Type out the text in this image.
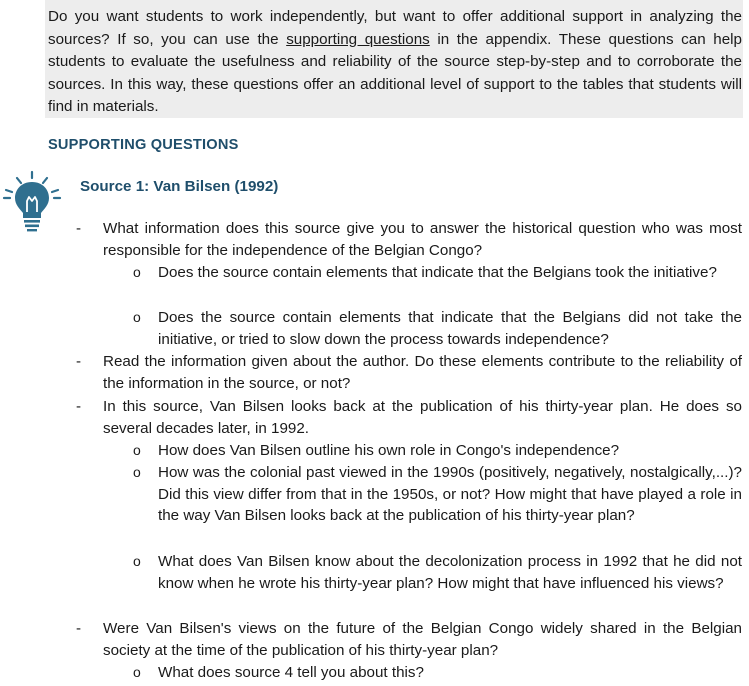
Do you want students to work independently, but want to offer additional support in analyzing the sources? If so, you can use the supporting questions in the appendix. These questions can help students to evaluate the usefulness and reliability of the source step-by-step and to corroborate the sources. In this way, these questions offer an additional level of support to the tables that students will find in materials.

SUPPORTING QUESTIONS
Source 1: Van Bilsen (1992)
- What information does this source give you to answer the historical question who was most responsible for the independence of the Belgian Congo?

o Does the source contain elements that indicate that the Belgians took the initiative?

o Does the source contain elements that indicate that the Belgians did not take the initiative, or tried to slow down the process towards independence?

- Read the information given about the author. Do these elements contribute to the reliability of the information in the source, or not?

- In this source, Van Bilsen looks back at the publication of his thirty-year plan. He does so several decades later, in 1992.

o How does Van Bilsen outline his own role in Congo's independence?

o How was the colonial past viewed in the 1990s (positively, negatively, nostalgically,...)? Did this view differ from that in the 1950s, or not? How might that have played a role in the way Van Bilsen looks back at the publication of his thirty-year plan?

o What does Van Bilsen know about the decolonization process in 1992 that he did not know when he wrote his thirty-year plan? How might that have influenced his views?

- Were Van Bilsen's views on the future of the Belgian Congo widely shared in the Belgian society at the time of the publication of his thirty-year plan?

o What does source 4 tell you about this?
